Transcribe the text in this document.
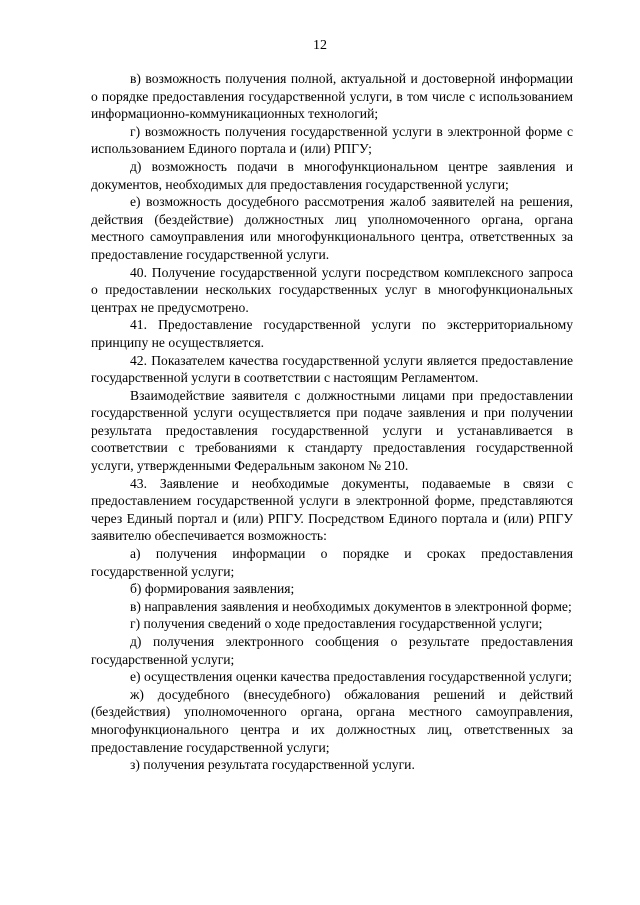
12

в) возможность получения полной, актуальной и достоверной информации о порядке предоставления государственной услуги, в том числе с использованием информационно-коммуникационных технологий;

г) возможность получения государственной услуги в электронной форме с использованием Единого портала и (или) РПГУ;

д) возможность подачи в многофункциональном центре заявления и документов, необходимых для предоставления государственной услуги;

е) возможность досудебного рассмотрения жалоб заявителей на решения, действия (бездействие) должностных лиц уполномоченного органа, органа местного самоуправления или многофункционального центра, ответственных за предоставление государственной услуги.

40. Получение государственной услуги посредством комплексного запроса о предоставлении нескольких государственных услуг в многофункциональных центрах не предусмотрено.

41. Предоставление государственной услуги по экстерриториальному принципу не осуществляется.

42. Показателем качества государственной услуги является предоставление государственной услуги в соответствии с настоящим Регламентом.

Взаимодействие заявителя с должностными лицами при предоставлении государственной услуги осуществляется при подаче заявления и при получении результата предоставления государственной услуги и устанавливается в соответствии с требованиями к стандарту предоставления государственной услуги, утвержденными Федеральным законом № 210.

43. Заявление и необходимые документы, подаваемые в связи с предоставлением государственной услуги в электронной форме, представляются через Единый портал и (или) РПГУ. Посредством Единого портала и (или) РПГУ заявителю обеспечивается возможность:

а) получения информации о порядке и сроках предоставления государственной услуги;

б) формирования заявления;

в) направления заявления и необходимых документов в электронной форме;

г) получения сведений о ходе предоставления государственной услуги;

д) получения электронного сообщения о результате предоставления государственной услуги;

е) осуществления оценки качества предоставления государственной услуги;

ж) досудебного (внесудебного) обжалования решений и действий (бездействия) уполномоченного органа, органа местного самоуправления, многофункционального центра и их должностных лиц, ответственных за предоставление государственной услуги;

з) получения результата государственной услуги.
